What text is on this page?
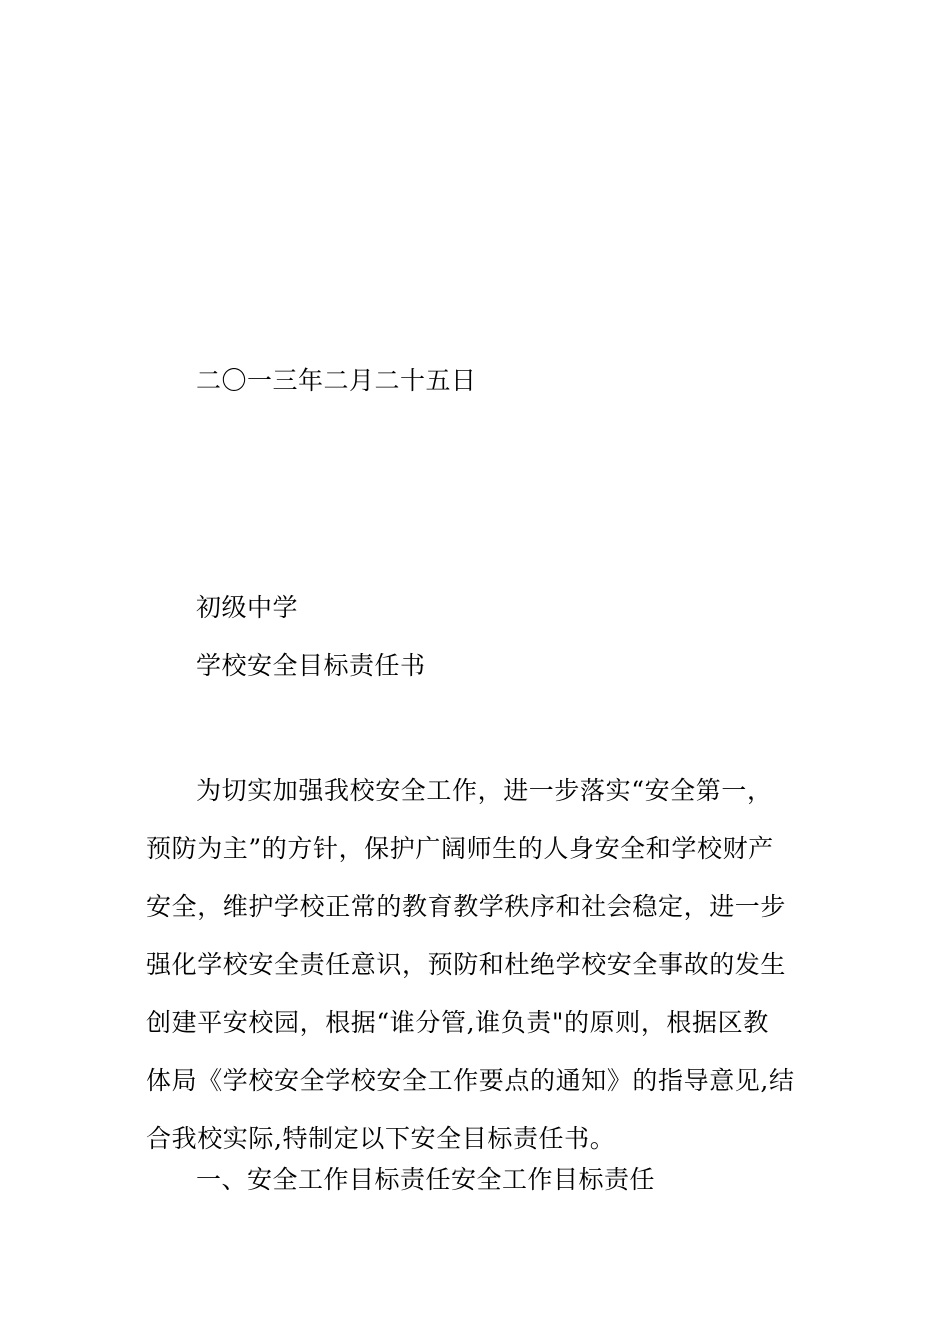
二〇一三年二月二十五日
初级中学
学校安全目标责任书
为切实加强我校安全工作，进一步落实“安全第一，
预防为主”的方针，保护广阔师生的人身安全和学校财产
安全，维护学校正常的教育教学秩序和社会稳定，进一步
强化学校安全责任意识，预防和杜绝学校安全事故的发生
创建平安校园，根据“谁分管,谁负责"的原则，根据区教
体局《学校安全学校安全工作要点的通知》的指导意见,结
合我校实际,特制定以下安全目标责任书。
一、安全工作目标责任安全工作目标责任
